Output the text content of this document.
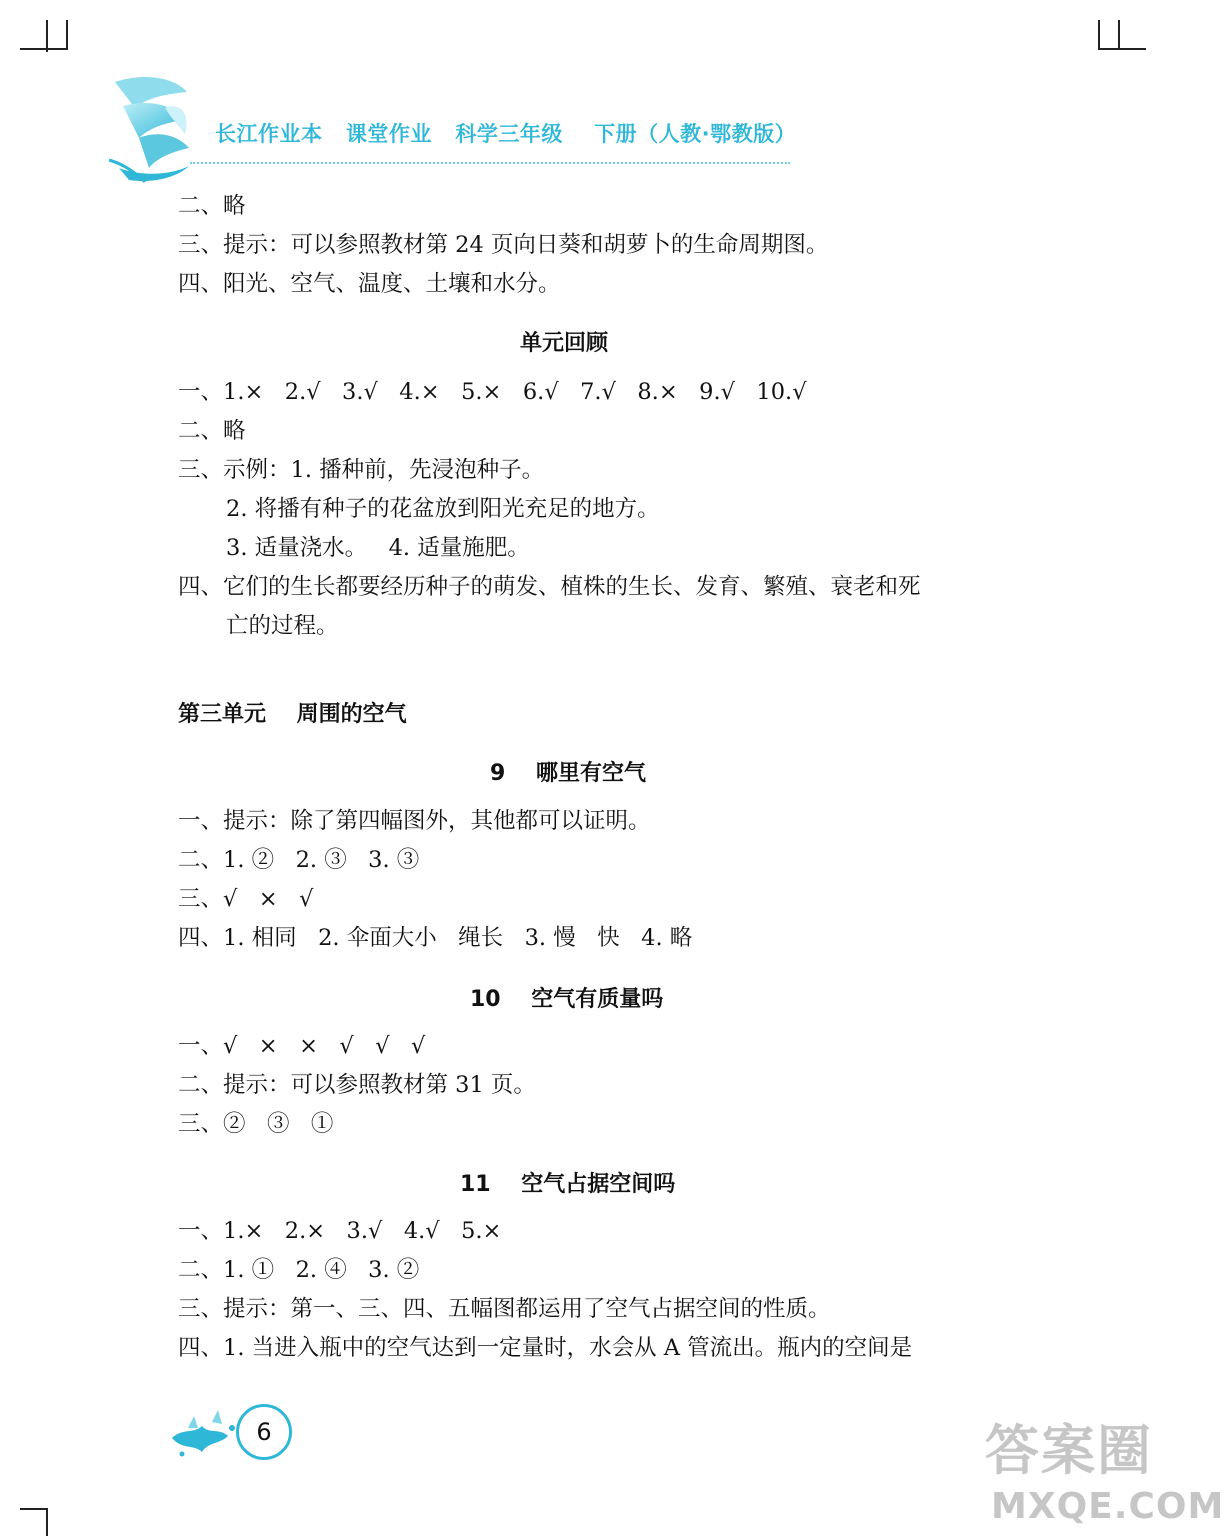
长江作业本   课堂作业   科学三年级    下册（人教·鄂教版）
二、略
三、提示：可以参照教材第 24 页向日葵和胡萝卜的生命周期图。
四、阳光、空气、温度、土壤和水分。
单元回顾
一、1.×   2.√   3.√   4.×   5.×   6.√   7.√   8.×   9.√   10.√
二、略
三、示例：1. 播种前，先浸泡种子。
2. 将播有种子的花盆放到阳光充足的地方。
3. 适量浇水。   4. 适量施肥。
四、它们的生长都要经历种子的萌发、植株的生长、发育、繁殖、衰老和死
亡的过程。
第三单元    周围的空气
9    哪里有空气
一、提示：除了第四幅图外，其他都可以证明。
二、1. ②   2. ③   3. ③
三、√   ×   √
四、1. 相同   2. 伞面大小   绳长   3. 慢   快   4. 略
10    空气有质量吗
一、√   ×   ×   √   √   √
二、提示：可以参照教材第 31 页。
三、②   ③   ①
11    空气占据空间吗
一、1.×   2.×   3.√   4.√   5.×
二、1. ①   2. ④   3. ②
三、提示：第一、三、四、五幅图都运用了空气占据空间的性质。
四、1. 当进入瓶中的空气达到一定量时，水会从 A 管流出。瓶内的空间是
6	答案圈
MXQE.COM
